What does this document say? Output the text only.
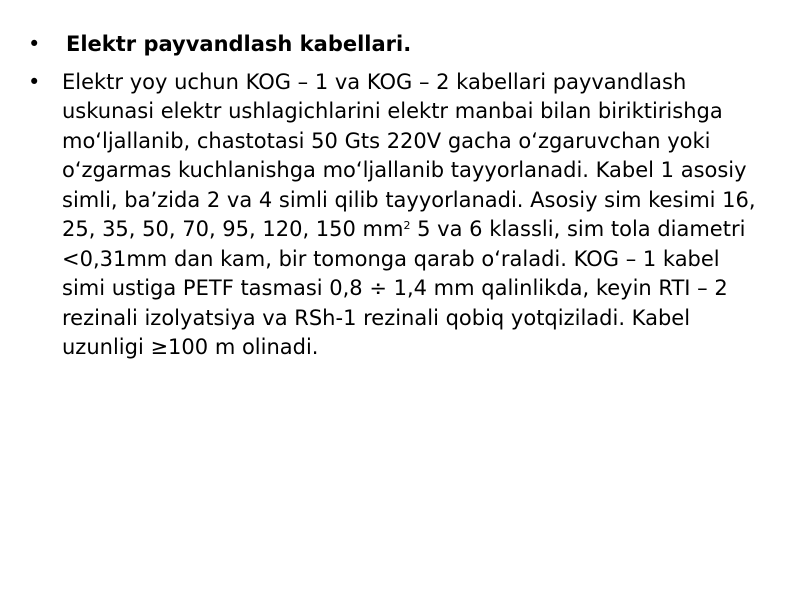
•	Elektr payvandlash kabellari.
•	Elektr yoy uchun KOG – 1 va KOG – 2 kabellari payvandlash uskunasi elektr ushlagichlarini elektr manbai bilan biriktirishga moʻljallanib, chastotasi 50 Gts 220V gacha oʻzgaruvchan yoki oʻzgarmas kuchlanishga moʻljallanib tayyorlanadi. Kabel 1 asosiy simli, baʼzida 2 va 4 simli qilib tayyorlanadi. Asosiy sim kesimi 16, 25, 35, 50, 70, 95, 120, 150 $mm^2$ 5 va 6 klassli, sim tola diametri <0,31mm dan kam, bir tomonga qarab oʻraladi. KOG – 1 kabel simi ustiga PETF tasmasi 0,8 ÷ 1,4 mm qalinlikda, keyin RTI – 2 rezinali izolyatsiya va RSh-1 rezinali qobiq yotqiziladi. Kabel uzunligi ≥100 m olinadi.
